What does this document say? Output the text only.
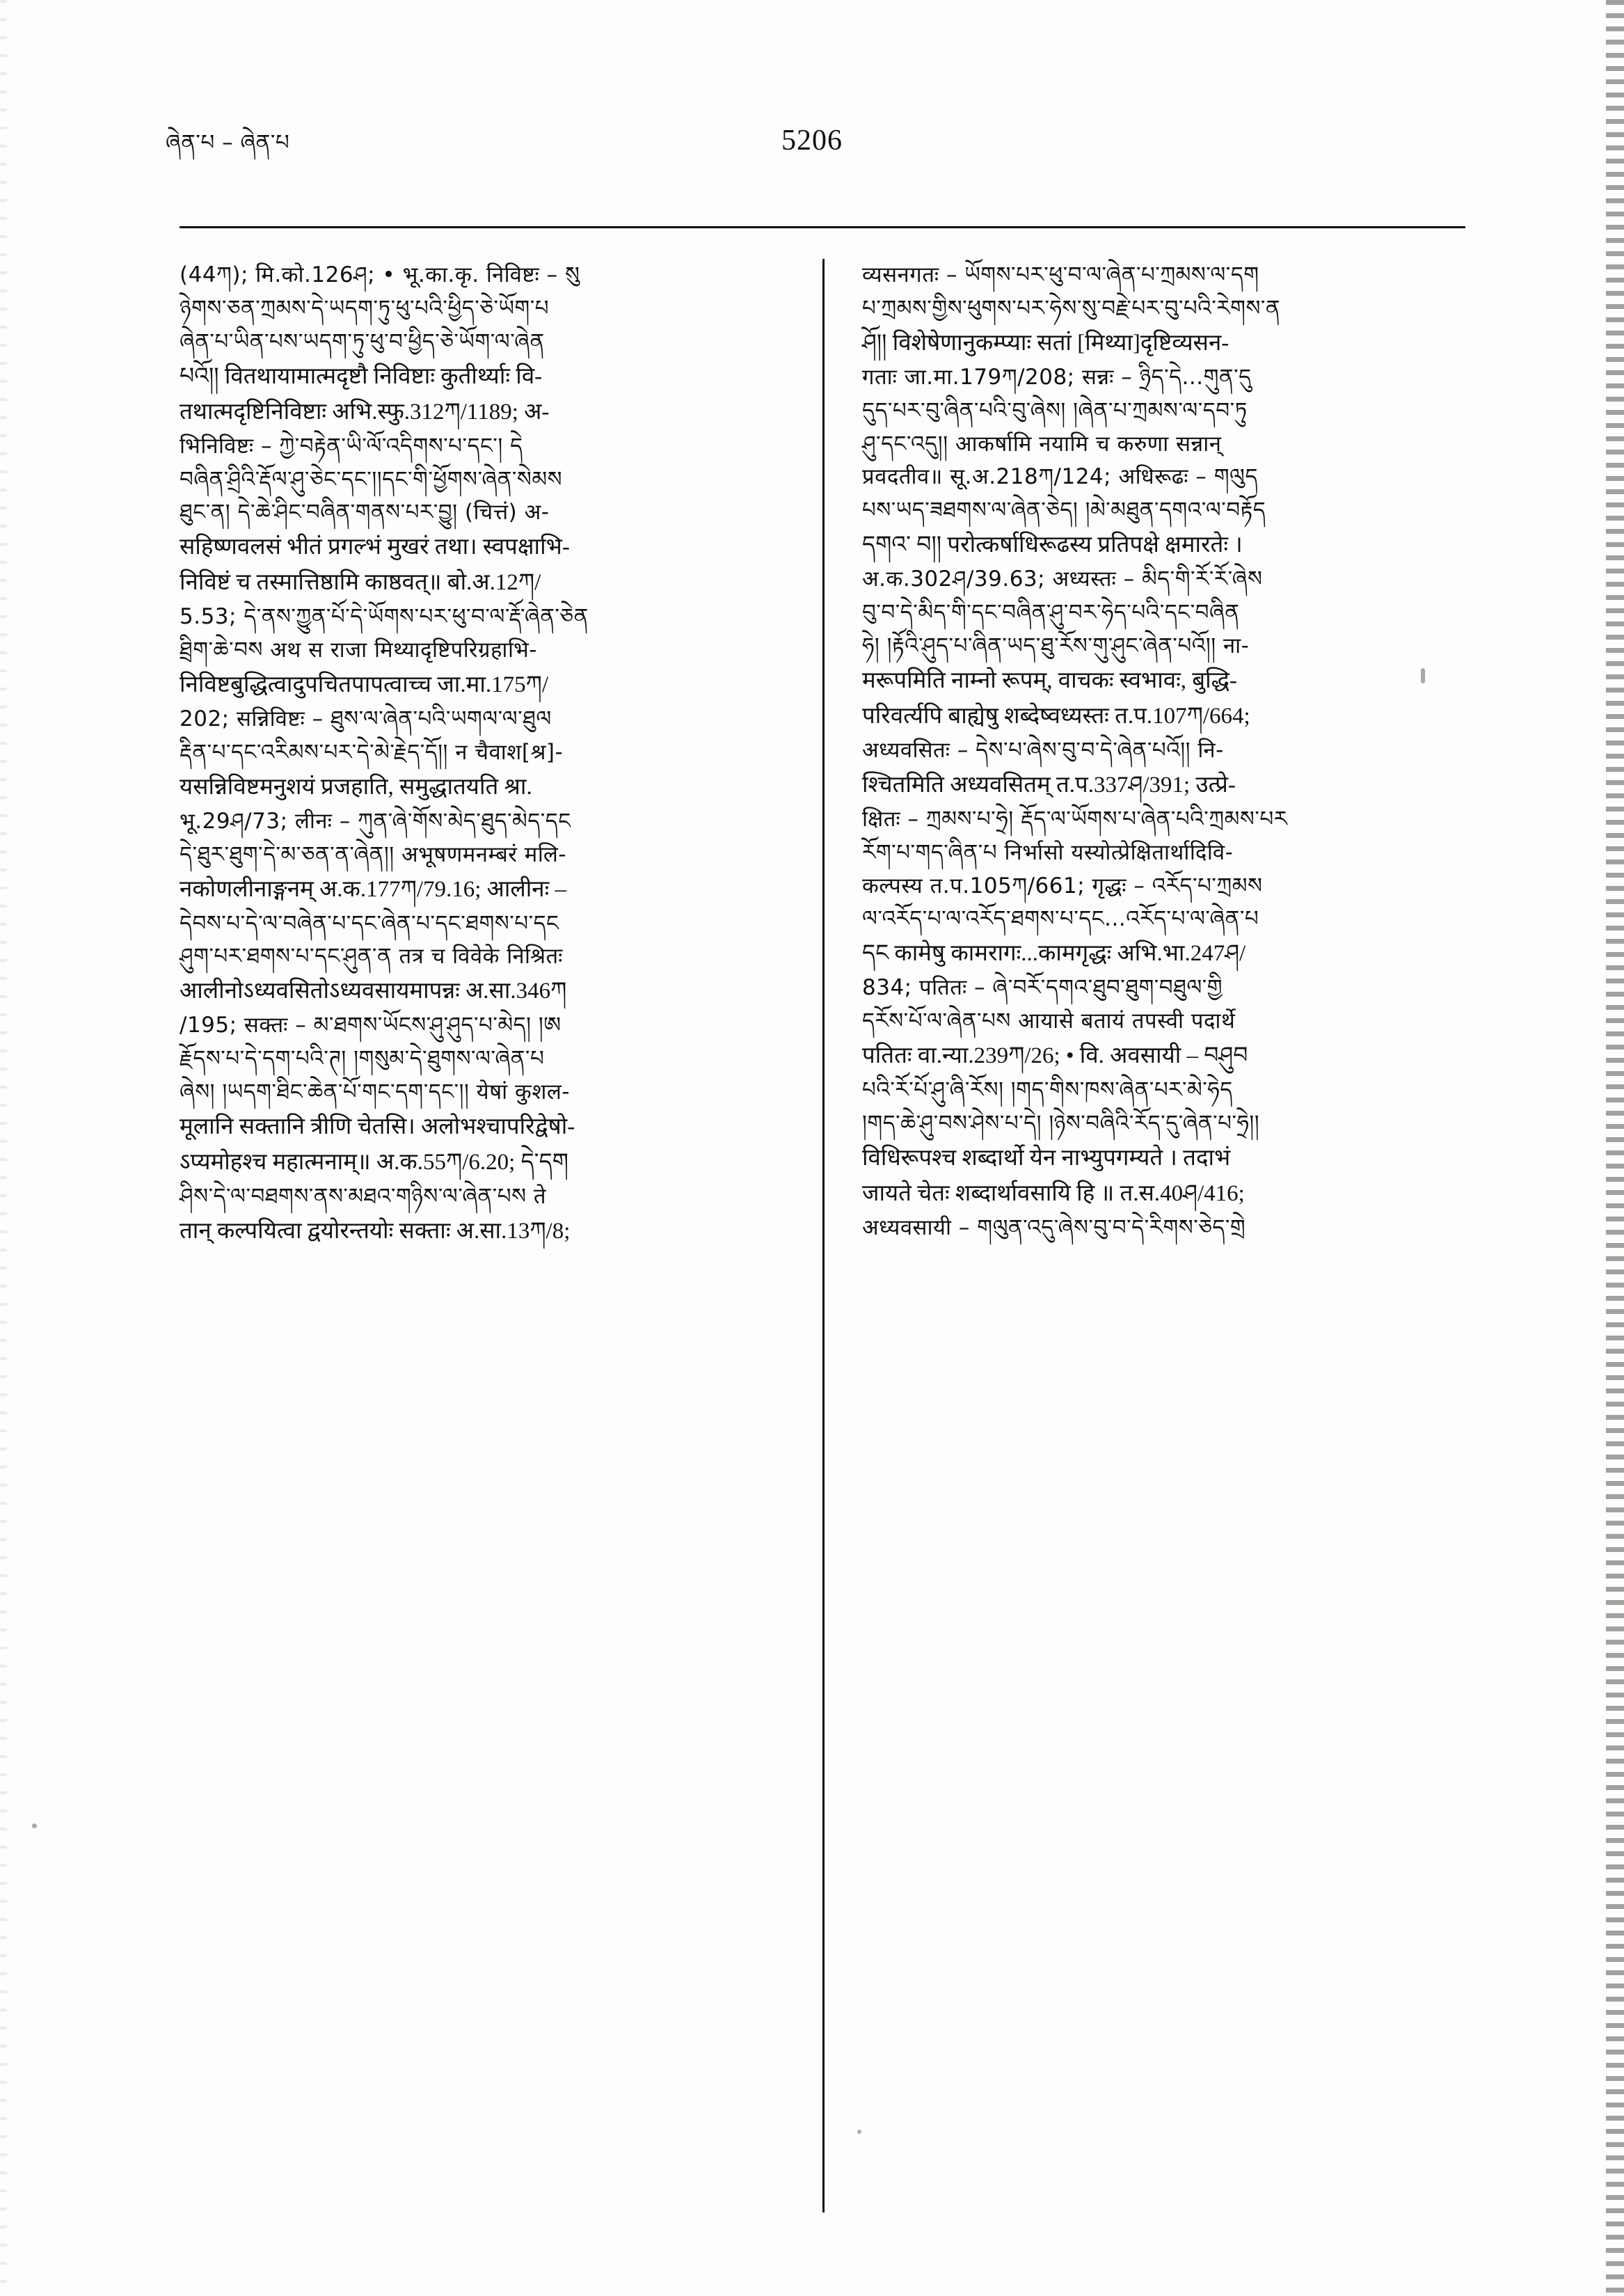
ཞེན་པ – ཞེན་པ	5206

(44ཀ); मि.को.126ཤ; • भू.का.कृ. निविष्टः – སུ
ཉེགས་ཅན་ཀྲམས་དེ་ཡདག་ཏུ་ཕུ་པའི་ཕྱིད་ཅེ་ཡོག་པ
ཞེན་པ་ཡིན་པས་ཡདག་ཏུ་ཕུ་བ་ཕྱིད་ཅེ་ཡོག་ལ་ཞེན
པའོ།། वितथायामात्मदृष्टौ निविष्टाः कुतीर्थ्याः वि-
तथात्मदृष्टिनिविष्टाः अभि.स्फु.312ཀ/1189; अ-
भिनिविष्टः – ཀྱེ་བརྟེན་ཡི་ལོ་འདིགས་པ་དང་། དེ
བཞིན་ཤྲིའི་རྡོལ་ཤུ་ཅེང་དང་།།དང་གི་ཕྱོགས་ཞེན་སེམས
ཐུང་ན། དེ་ཆེ་ཤིང་བཞིན་གནས་པར་བྱུ། (चित्तं) अ-
सहिष्णवलसं भीतं प्रगल्भं मुखरं तथा। स्वपक्षाभि-
निविष्टं च तस्मात्तिष्ठामि काष्ठवत्॥ बो.अ.12ཀ/
5.53; དེ་ནས་ཀྱུན་པོ་དེ་ཡོགས་པར་ཕུ་བ་ལ་རྡོ་ཞེན་ཅེན
ཐྲིག་ཆེ་བས अथ स राजा मिथ्यादृष्टिपरिग्रहाभि-
निविष्टबुद्धित्वादुपचितपापत्वाच्च जा.मा.175ཀ/
202; सन्निविष्टः – ཐུས་ལ་ཞེན་པའི་ཡགལ་ལ་ཐུལ
རྡིན་པ་དང་འརིམས་པར་དེ་མེ་རྗེད་དོ།། न चैवाश[श्र]-
यसन्निविष्टमनुशयं प्रजहाति, समुद्धातयति श्रा.
भू.29ཤ/73; लीनः – ཀུན་ཞེ་གོས་མེད་ཐུད་མེད་དང
དེ་ཐུར་ཐུག་དེ་མ་ཅན་ན་ཞེན།། अभूषणमनम्बरं मलि-
नकोणलीनाङ्गनम् अ.क.177ཀ/79.16; आलीनः –
དེབས་པ་དེ་ལ་བཞེན་པ་དང་ཞེན་པ་དང་ཐགས་པ་དང
ཤུག་པར་ཐགས་པ་དང་ཤུན་ན तत्र च विवेके निश्रितः
आलीनोऽध्यवसितोऽध्यवसायमापन्नः अ.सा.346ཀ
/195; सक्तः – མ་ཐགས་ཡོངས་ཤུ་ཤུད་པ་མེད། །ཨ
རྗོདས་པ་དེ་དག་པའི་ཊ། །གསུམ་དེ་ཐུགས་ལ་ཞེན་པ
ཞེས། །ཡདག་ཐིང་ཆེན་པོ་གང་དག་དང་།། येषां कुशल-
मूलानि सक्तानि त्रीणि चेतसि। अलोभश्चापरिद्वेषो-
ऽप्यमोहश्च महात्मनाम्॥ अ.क.55ཀ/6.20; དེ་དག
ཤིས་དེ་ལ་བཐགས་ནས་མཐའ་གཉིས་ལ་ཞེན་པས ते
तान् कल्पयित्वा द्वयोरन्तयोः सक्ताः अ.सा.13ཀ/8;

व्यसनगतः – ཡོགས་པར་ཕུ་བ་ལ་ཞེན་པ་ཀྲམས་ལ་དག
པ་ཀྲམས་གྱིས་ཕུགས་པར་ཧེས་སུ་བརྗེ་པར་བུ་པའི་རེགས་ན
ཤོ།། विशेषेणानुकम्प्याः सतां [मिथ्या]दृष्टिव्यसन-
गताः जा.मा.179ཀ/208; सन्नः – ཉྲིད་དེ...གུན་དུ
དུད་པར་བུ་ཞིན་པའི་བུ་ཞེས། །ཞེན་པ་ཀྲམས་ལ་དབ་ཏུ
ཤུ་དང་འདུ།། आकर्षामि नयामि च करुणा सन्नान्
प्रवदतीव॥ सू.अ.218ཀ/124; अधिरूढः – གལུད
པས་ཡད་ཟཐགས་ལ་ཞེན་ཅེད། །མེ་མཐུན་དགའ་ལ་བརྟོད
དགའ་ བ།། परोत्कर्षाधिरूढस्य प्रतिपक्षे क्षमारतेः ।
अ.क.302ཤ/39.63; अध्यस्तः – མིད་གི་རོ་རོ་ཞེས
བུ་བ་དེ་མིད་གི་དང་བཞིན་ཤུ་བར་ཧེད་པའི་དང་བཞིན
ཧེ། །རྟོའི་ཤུད་པ་ཞིན་ཡད་ཐུ་རོས་གུ་ཤུང་ཞེན་པའོ།། ना-
मरूपमिति नाम्नो रूपम्, वाचकः स्वभावः, बुद्धि-
परिवर्त्यपि बाह्येषु शब्देष्वध्यस्तः त.प.107ཀ/664;
अध्यवसितः – དེས་པ་ཞེས་བུ་བ་དེ་ཞེན་པའོ།། नि-
श्चितमिति अध्यवसितम् त.प.337ཤ/391; उत्प्रे-
क्षितः – ཀྲམས་པ་ཧྲེ། རྡོད་ལ་ཡོགས་པ་ཞེན་པའི་ཀྲམས་པར
རོག་པ་གད་ཞིན་པ निर्भासो यस्योत्प्रेक्षितार्थादिवि-
कल्पस्य त.प.105ཀ/661; गृद्धः – འརོད་པ་ཀྲམས
ལ་འརོད་པ་ལ་འརོད་ཐགས་པ་དང...འརོད་པ་ལ་ཞེན་པ
དང कामेषु कामरागः...कामगृद्धः अभि.भा.247ཤ/
834; पतितः – ཞེ་བརོ་དགའ་ཐུབ་ཐུག་བཐུལ་གྱི
དརོས་པོ་ལ་ཞེན་པས आयासे बतायं तपस्वी पदार्थे
पतितः वा.न्या.239ཀ/26; • वि. अवसायी – བཤུབ
པའི་རོ་པོ་ཤུ་ཞི་རོས། །གད་གིས་ཁས་ཞེན་པར་མེ་ཧེད
།གད་ཆེ་ཤུ་བས་ཤེས་པ་དེ། །ཉེས་བཞིའི་རོད་དུ་ཞེན་པ་ཧྲེ།།
विधिरूपश्च शब्दार्थो येन नाभ्युपगम्यते । तदाभं
जायते चेतः शब्दार्थावसायि हि ॥ त.स.40ཤ/416;
अध्यवसायी – གལུན་འདུ་ཞེས་བུ་བ་དེ་རིགས་ཅེད་གྲེ
